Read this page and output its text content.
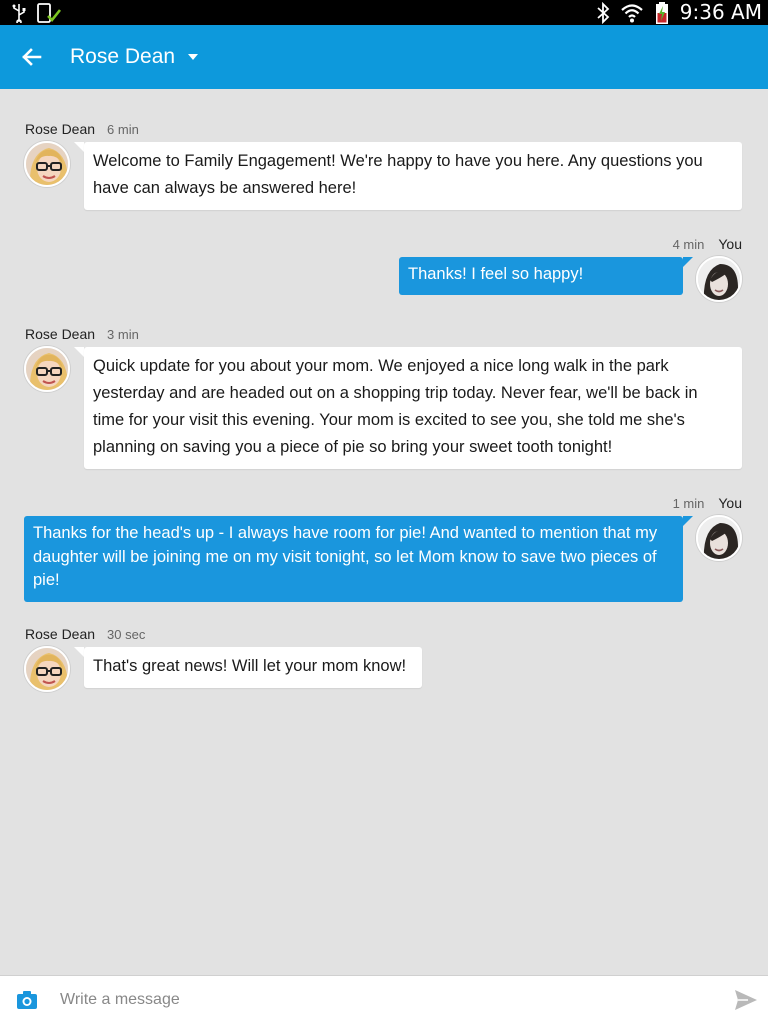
9:36 AM
Rose Dean
Rose Dean 6 min
Welcome to Family Engagement! We're happy to have you here. Any questions you have can always be answered here!
4 min You
Thanks! I feel so happy!
Rose Dean 3 min
Quick update for you about your mom. We enjoyed a nice long walk in the park yesterday and are headed out on a shopping trip today. Never fear, we'll be back in time for your visit this evening. Your mom is excited to see you, she told me she's planning on saving you a piece of pie so bring your sweet tooth tonight!
1 min You
Thanks for the head's up - I always have room for pie! And wanted to mention that my daughter will be joining me on my visit tonight, so let Mom know to save two pieces of pie!
Rose Dean 30 sec
That's great news! Will let your mom know!
Write a message
